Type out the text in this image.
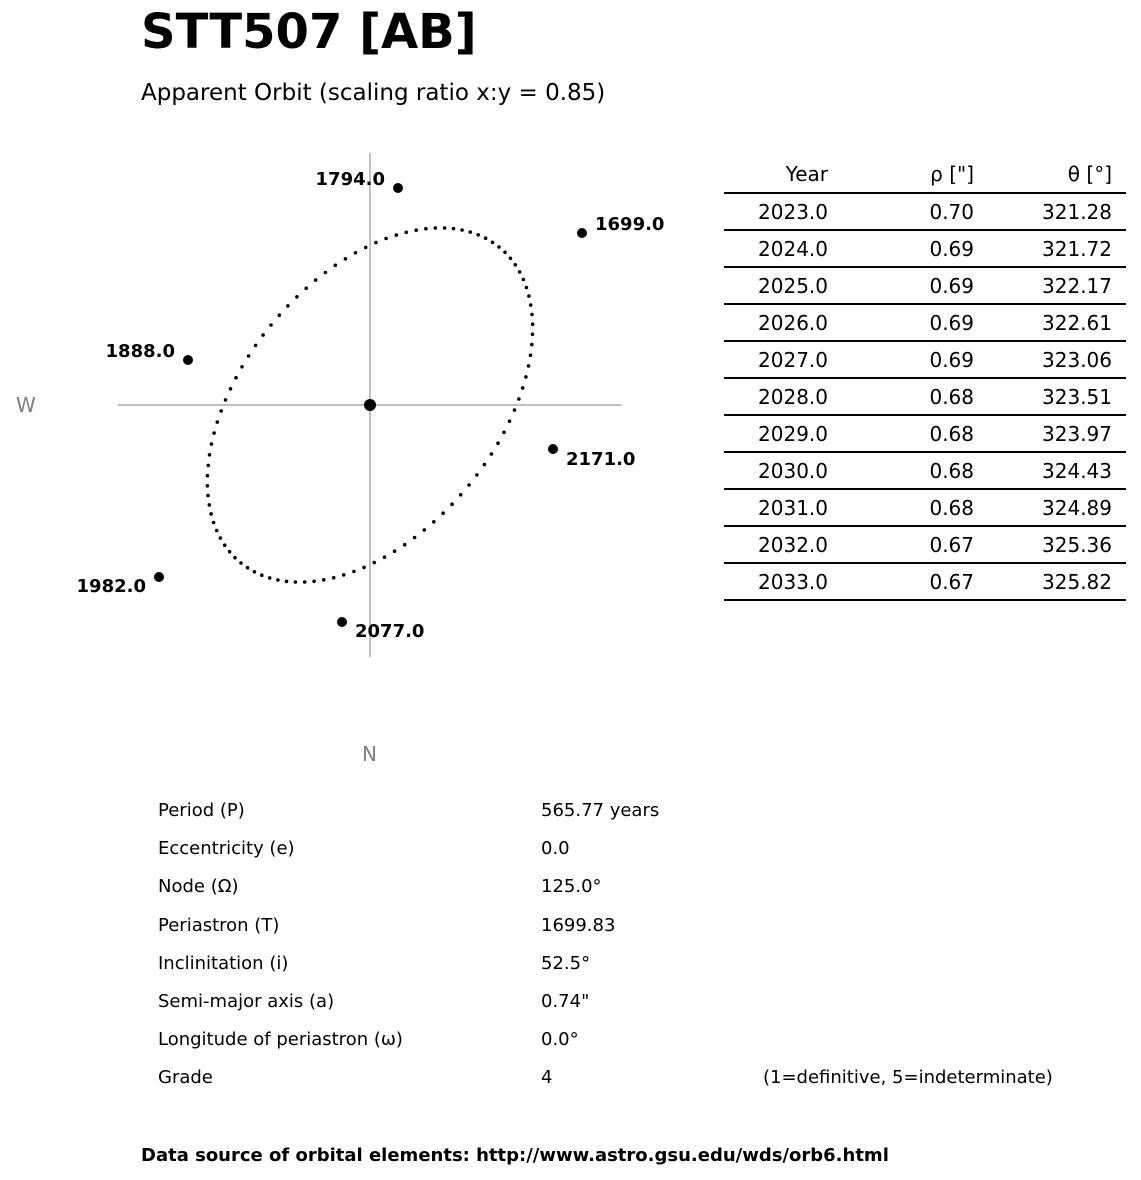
STT507 [AB]
Apparent Orbit (scaling ratio x:y = 0.85)
1699.0
1794.0
1888.0
1982.0
2077.0
2171.0
W
N
Year	ρ ["]	θ [°]
2023.0	0.70	321.28
2024.0	0.69	321.72
2025.0	0.69	322.17
2026.0	0.69	322.61
2027.0	0.69	323.06
2028.0	0.68	323.51
2029.0	0.68	323.97
2030.0	0.68	324.43
2031.0	0.68	324.89
2032.0	0.67	325.36
2033.0	0.67	325.82
Period (P)	565.77 years
Eccentricity (e)	0.0
Node (Ω)	125.0°
Periastron (T)	1699.83
Inclinitation (i)	52.5°
Semi-major axis (a)	0.74"
Longitude of periastron (ω)	0.0°
Grade	4	(1=definitive, 5=indeterminate)
Data source of orbital elements: http://www.astro.gsu.edu/wds/orb6.html
